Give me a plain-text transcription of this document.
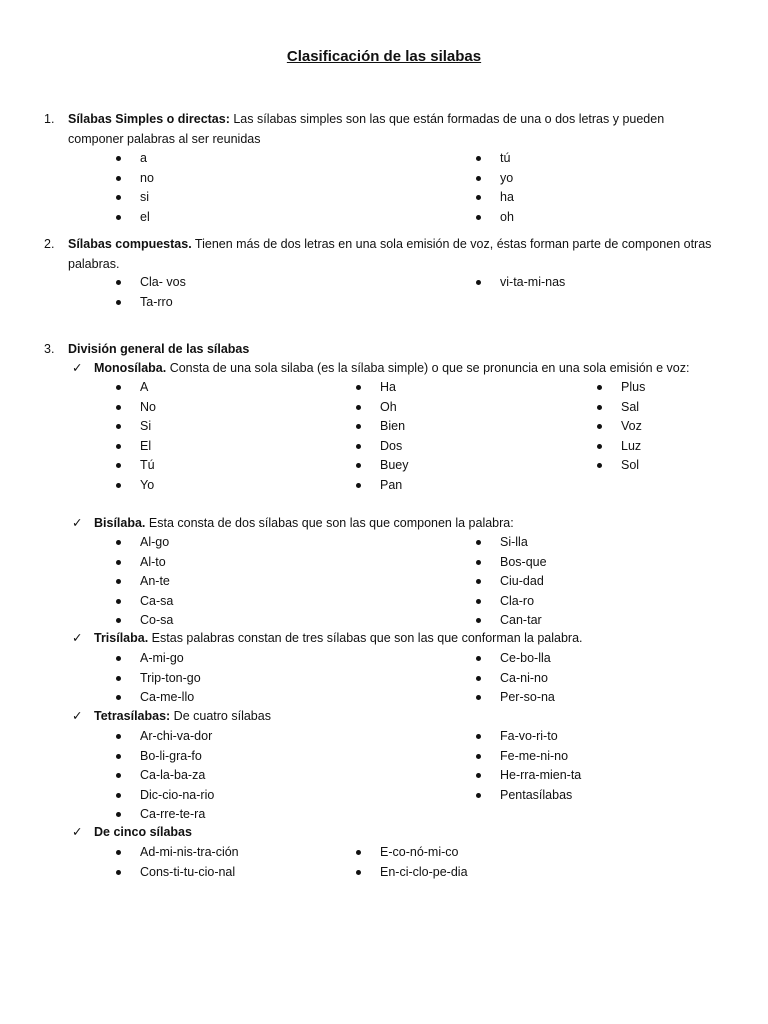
Clasificación de las silabas
1. Sílabas Simples o directas: Las sílabas simples son las que están formadas de una o dos letras y pueden componer palabras al ser reunidas
a
no
si
el
tú
yo
ha
oh
2. Sílabas compuestas. Tienen más de dos letras en una sola emisión de voz, éstas forman parte de componen otras palabras.
Cla- vos
Ta-rro
vi-ta-mi-nas
3. División general de las sílabas
✓ Monosílaba. Consta de una sola silaba (es la sílaba simple) o que se pronuncia en una sola emisión e voz:
A
No
Si
El
Tú
Yo
Ha
Oh
Bien
Dos
Buey
Pan
Plus
Sal
Voz
Luz
Sol
✓ Bisílaba. Esta consta de dos sílabas que son las que componen la palabra:
Al-go
Al-to
An-te
Ca-sa
Co-sa
Si-lla
Bos-que
Ciu-dad
Cla-ro
Can-tar
✓ Trisílaba. Estas palabras constan de tres sílabas que son las que conforman la palabra.
A-mi-go
Trip-ton-go
Ca-me-llo
Ce-bo-lla
Ca-ni-no
Per-so-na
✓ Tetrasílabas: De cuatro sílabas
Ar-chi-va-dor
Bo-li-gra-fo
Ca-la-ba-za
Dic-cio-na-rio
Ca-rre-te-ra
Fa-vo-ri-to
Fe-me-ni-no
He-rra-mien-ta
Pentasílabas
✓ De cinco sílabas
Ad-mi-nis-tra-ción
Cons-ti-tu-cio-nal
E-co-nó-mi-co
En-ci-clo-pe-dia
